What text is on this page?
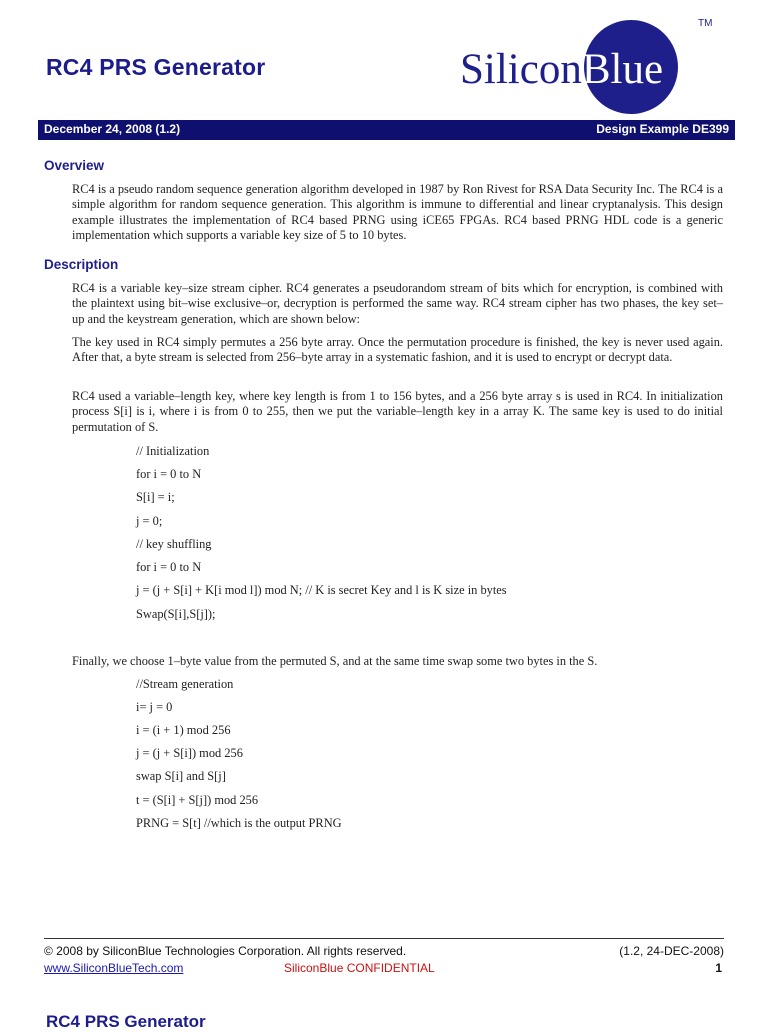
RC4 PRS Generator	SiliconBlue
TM
December 24, 2008 (1.2)	Design Example DE399
Overview
RC4 is a pseudo random sequence generation algorithm developed in 1987 by Ron Rivest for RSA Data Security Inc. The RC4 is a simple algorithm for random sequence generation. This algorithm is immune to differential and linear cryptanalysis. This design example illustrates the implementation of RC4 based PRNG using iCE65 FPGAs. RC4 based PRNG HDL code is a generic implementation which supports a variable key size of 5 to 10 bytes.
Description
RC4 is a variable key–size stream cipher. RC4 generates a pseudorandom stream of bits which for encryption, is combined with the plaintext using bit–wise exclusive–or, decryption is performed the same way. RC4 stream cipher has two phases, the key set–up and the keystream generation, which are shown below:
The key used in RC4 simply permutes a 256 byte array. Once the permutation procedure is finished, the key is never used again. After that, a byte stream is selected from 256–byte array in a systematic fashion, and it is used to encrypt or decrypt data.
RC4 used a variable–length key, where key length is from 1 to 156 bytes, and a 256 byte array s is used in RC4. In initialization process S[i] is i, where i is from 0 to 255, then we put the variable–length key in a array K. The same key is used to do initial permutation of S.
// Initialization
for i = 0 to N
S[i] = i;
j = 0;
// key shuffling
for i = 0 to N
j = (j + S[i] + K[i mod l]) mod N; // K is secret Key and l is K size in bytes
Swap(S[i],S[j]);
Finally, we choose 1–byte value from the permuted S, and at the same time swap some two bytes in the S.
//Stream generation
i= j = 0
i = (i + 1) mod 256
j = (j + S[i]) mod 256
swap S[i] and S[j]
t = (S[i] + S[j]) mod 256
PRNG = S[t] //which is the output PRNG
© 2008 by SiliconBlue Technologies Corporation. All rights reserved.	(1.2, 24-DEC-2008)
www.SiliconBlueTech.com	SiliconBlue CONFIDENTIAL	1
RC4 PRS Generator
